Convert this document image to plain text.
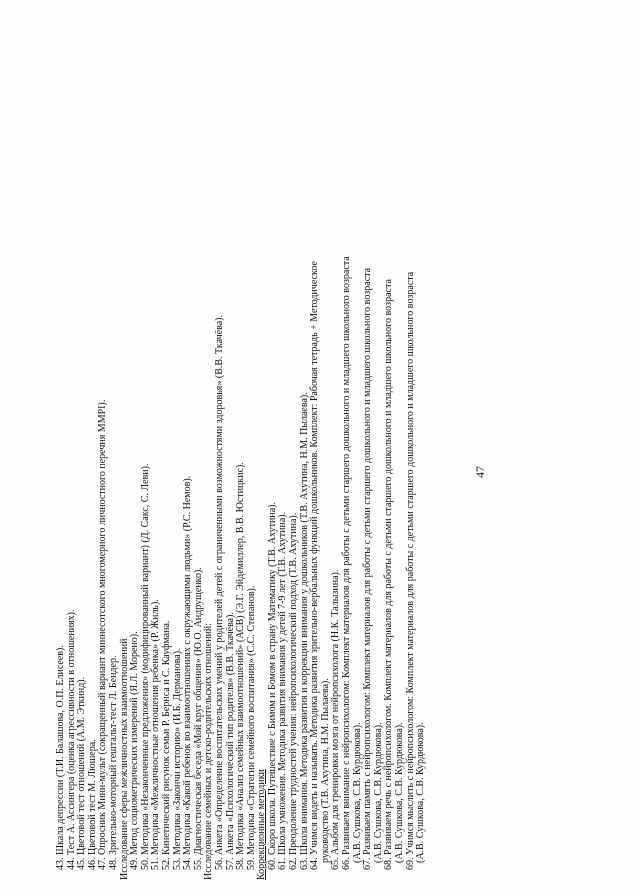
43. Шкала депрессии (Т.И. Балашова, О.П. Елисеев). 44. Тест А. Ассингера (оценка агрессивности в отношениях). 45. Цветовой тест отношений (А.М. Эткинд). 46. Цветовой тест М. Люшера. 47. Опросник Мини-мульт (сокращенный вариант миннесотского многомерного личностного перечня MMPI). 48. Зрительно-моторный гештальт-тест Л. Бендер. Исследование сферы межличностных взаимоотношений 49. Метод социометрических измерений (Я.Л. Морено). 50. Методика «Незаконченные предложения» (модифицированный вариант) (Д. Сакс, С. Леви). 51. Методика «Межличностные отношения ребенка» (Р. Жиль). 52. Кинетический рисунок семьи Р. Бернса и С. Кауфмана. 53. Методика «Закончи историю» (И.Б. Дерманова). 54. Методика «Какой ребенок во взаимоотношениях с окружающими людьми» (Р.С. Немов). 55. Диагностическая беседа «Мой круг общения» (Ю.О. Андрущенко). Исследование семейных и детско-родительских отношений: 56. Анкета «Определение воспитательских умений у родителей детей с ограниченными возможностями здоровья» (В.В. Ткачёва). 57. Анкета «Психологический тип родителя» (В.В. Ткачёва). 58. Методика «Анализ семейных взаимоотношений» (АСВ) (Э.Г. Эйдемиллер, В.В. Юстицкис). 59. Методика «Стратегии семейного воспитания» (С.С. Степанов). Коррекционные методики 60. Скоро школа. Путешествие с Бимом и Бомом в страну Математику (Т.В. Ахутина). 61. Школа умножения. Методика развития внимания у детей 7-9 лет (Т.В. Ахутина). 62. Преодоление трудностей учения: нейропсихологический подход (Т.В. Ахутина). 63. Школа внимания. Методика развития и коррекции внимания у дошкольников (Т.В. Ахутина, Н.М. Пылаева). 64. Учимся видеть и называть. Методика развития зрительно-вербальных функций дошкольников. Комплект: Рабочая тетрадь + Методическое руководство (Т.В. Ахутина, Н.М. Пылаева). 65. Альбом для тренировки мозга от нейропсихолога (Н.К. Талызина). 66. Развиваем внимание с нейропсихологом: Комплект материалов для работы с детьми старшего дошкольного и младшего школьного возраста (А.В. Сушкова, С.В. Курдюкова). 67. Развиваем память с нейропсихологом: Комплект материалов для работы с детьми старшего дошкольного и младшего школьного возраста (А.В. Сушкова, С.В. Курдюкова). 68. Развиваем речь с нейропсихологом. Комплект материалов для работы с детьми старшего дошкольного и младшего школьного возраста (А.В. Сушкова, С.В. Курдюкова). 69. Учимся мыслить с нейропсихологом: Комплект материалов для работы с детьми старшего дошкольного и младшего школьного возраста (А.В. Сушкова, С.В. Курдюкова).
47
